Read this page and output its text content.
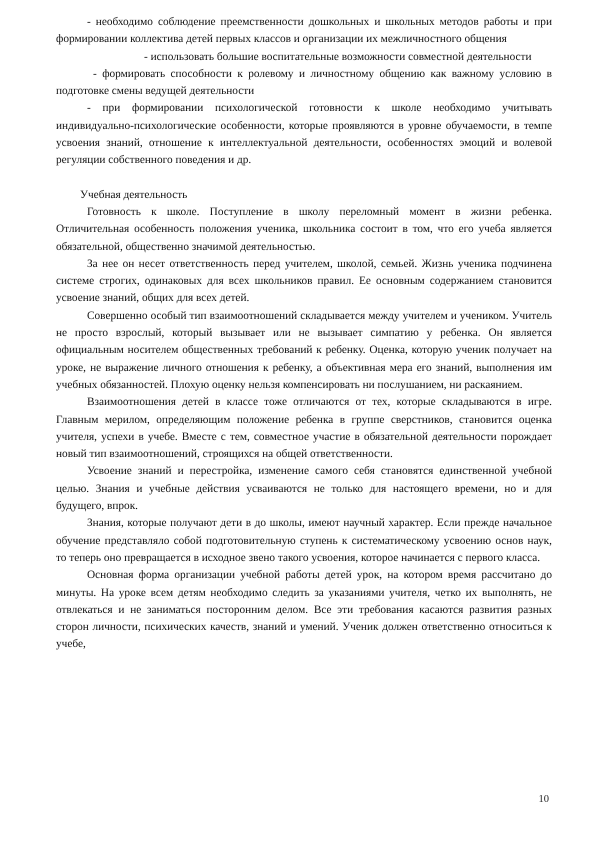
- необходимо соблюдение преемственности дошкольных и школьных методов работы и при формировании коллектива детей первых классов и организации их межличностного общения

- использовать большие воспитательные возможности совместной деятельности

- формировать способности к ролевому и личностному общению как важному условию в подготовке смены ведущей деятельности

- при формировании психологической готовности к школе необходимо учитывать индивидуально-психологические особенности, которые проявляются в уровне обучаемости, в темпе усвоения знаний, отношение к интеллектуальной деятельности, особенностях эмоций и волевой регуляции собственного поведения и др.

Учебная деятельность

Готовность к школе. Поступление в школу переломный момент в жизни ребенка. Отличительная особенность положения ученика, школьника состоит в том, что его учеба является обязательной, общественно значимой деятельностью.

За нее он несет ответственность перед учителем, школой, семьей. Жизнь ученика подчинена системе строгих, одинаковых для всех школьников правил. Ее основным содержанием становится усвоение знаний, общих для всех детей.

Совершенно особый тип взаимоотношений складывается между учителем и учеником. Учитель не просто взрослый, который вызывает или не вызывает симпатию у ребенка. Он является официальным носителем общественных требований к ребенку. Оценка, которую ученик получает на уроке, не выражение личного отношения к ребенку, а объективная мера его знаний, выполнения им учебных обязанностей. Плохую оценку нельзя компенсировать ни послушанием, ни раскаянием.

Взаимоотношения детей в классе тоже отличаются от тех, которые складываются в игре. Главным мерилом, определяющим положение ребенка в группе сверстников, становится оценка учителя, успехи в учебе. Вместе с тем, совместное участие в обязательной деятельности порождает новый тип взаимоотношений, строящихся на общей ответственности.

Усвоение знаний и перестройка, изменение самого себя становятся единственной учебной целью. Знания и учебные действия усваиваются не только для настоящего времени, но и для будущего, впрок.

Знания, которые получают дети в до школы, имеют научный характер. Если прежде начальное обучение представляло собой подготовительную ступень к систематическому усвоению основ наук, то теперь оно превращается в исходное звено такого усвоения, которое начинается с первого класса.

Основная форма организации учебной работы детей урок, на котором время рассчитано до минуты. На уроке всем детям необходимо следить за указаниями учителя, четко их выполнять, не отвлекаться и не заниматься посторонним делом. Все эти требования касаются развития разных сторон личности, психических качеств, знаний и умений. Ученик должен ответственно относиться к учебе,

10
